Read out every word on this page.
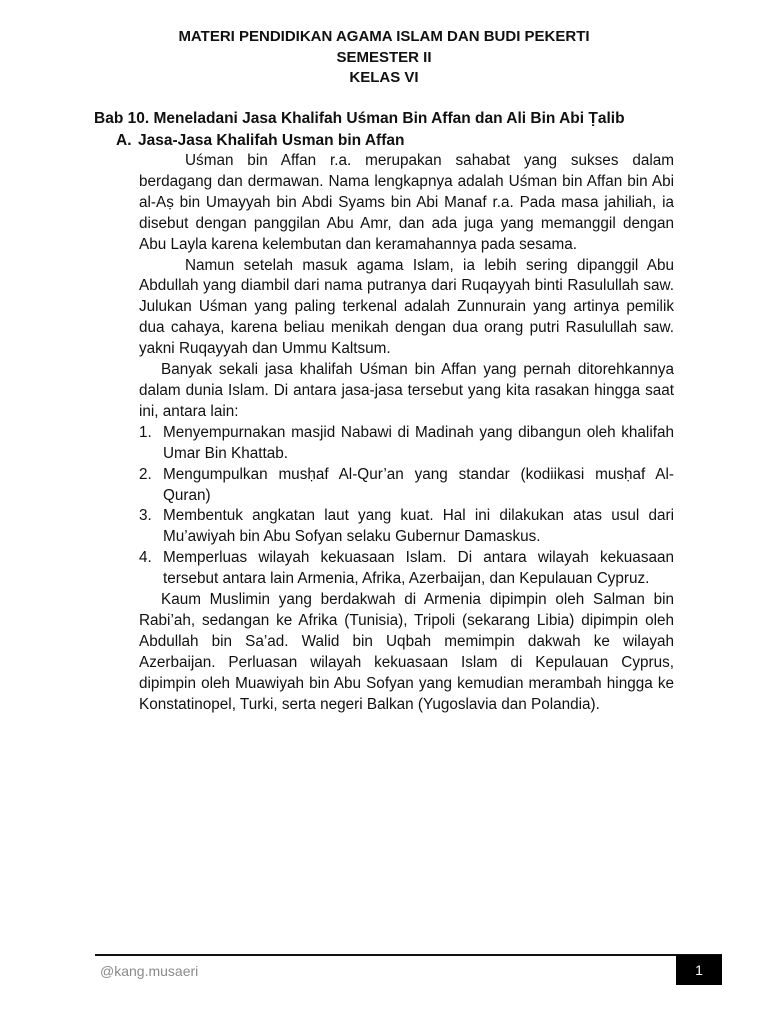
MATERI PENDIDIKAN AGAMA ISLAM DAN BUDI PEKERTI
SEMESTER II
KELAS VI
Bab 10. Meneladani Jasa Khalifah Uśman Bin Affan dan Ali Bin Abi Ṭalib
A. Jasa-Jasa Khalifah Usman bin Affan

Uśman bin Affan r.a. merupakan sahabat yang sukses dalam berdagang dan dermawan. Nama lengkapnya adalah Uśman bin Affan bin Abi al-Aṣ bin Umayyah bin Abdi Syams bin Abi Manaf r.a. Pada masa jahiliah, ia disebut dengan panggilan Abu Amr, dan ada juga yang memanggil dengan Abu Layla karena kelembutan dan keramahannya pada sesama.

Namun setelah masuk agama Islam, ia lebih sering dipanggil Abu Abdullah yang diambil dari nama putranya dari Ruqayyah binti Rasulullah saw. Julukan Uśman yang paling terkenal adalah Zunnurain yang artinya pemilik dua cahaya, karena beliau menikah dengan dua orang putri Rasulullah saw. yakni Ruqayyah dan Ummu Kaltsum.

Banyak sekali jasa khalifah Uśman bin Affan yang pernah ditorehkannya dalam dunia Islam. Di antara jasa-jasa tersebut yang kita rasakan hingga saat ini, antara lain:

1. Menyempurnakan masjid Nabawi di Madinah yang dibangun oleh khalifah Umar Bin Khattab.
2. Mengumpulkan musḥaf Al-Qur’an yang standar (kodiikasi musḥaf Al-Quran)
3. Membentuk angkatan laut yang kuat. Hal ini dilakukan atas usul dari Mu’awiyah bin Abu Sofyan selaku Gubernur Damaskus.
4. Memperluas wilayah kekuasaan Islam. Di antara wilayah kekuasaan tersebut antara lain Armenia, Afrika, Azerbaijan, dan Kepulauan Cypruz.

Kaum Muslimin yang berdakwah di Armenia dipimpin oleh Salman bin Rabi’ah, sedangan ke Afrika (Tunisia), Tripoli (sekarang Libia) dipimpin oleh Abdullah bin Sa’ad. Walid bin Uqbah memimpin dakwah ke wilayah Azerbaijan. Perluasan wilayah kekuasaan Islam di Kepulauan Cyprus, dipimpin oleh Muawiyah bin Abu Sofyan yang kemudian merambah hingga ke Konstatinopel, Turki, serta negeri Balkan (Yugoslavia dan Polandia).

@kang.musaeri	1
